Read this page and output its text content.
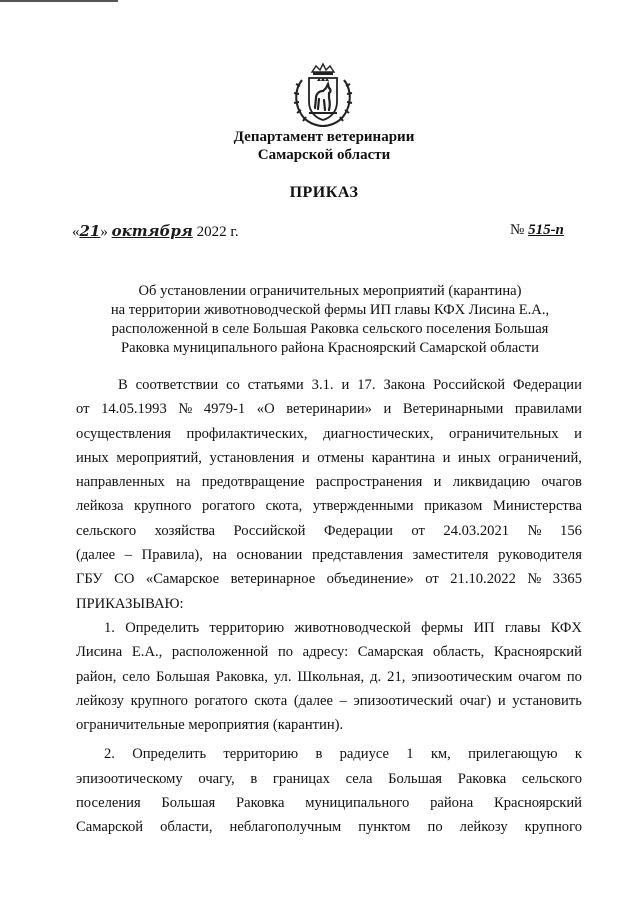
Департамент ветеринарии
Самарской области
ПРИКАЗ
«21» октября 2022 г.	№ 515-п
Об установлении ограничительных мероприятий (карантина)
на территории животноводческой фермы ИП главы КФХ Лисина Е.А.,
расположенной в селе Большая Раковка сельского поселения Большая
Раковка муниципального района Красноярский Самарской области
В соответствии со статьями 3.1. и 17. Закона Российской Федерации
от 14.05.1993 № 4979-1 «О ветеринарии» и Ветеринарными правилами
осуществления профилактических, диагностических, ограничительных и
иных мероприятий, установления и отмены карантина и иных ограничений,
направленных на предотвращение распространения и ликвидацию очагов
лейкоза крупного рогатого скота, утвержденными приказом Министерства
сельского хозяйства Российской Федерации от 24.03.2021 № 156
(далее – Правила), на основании представления заместителя руководителя
ГБУ СО «Самарское ветеринарное объединение» от 21.10.2022 № 3365
ПРИКАЗЫВАЮ:
1. Определить территорию животноводческой фермы ИП главы КФХ
Лисина Е.А., расположенной по адресу: Самарская область, Красноярский
район, село Большая Раковка, ул. Школьная, д. 21, эпизоотическим очагом по
лейкозу крупного рогатого скота (далее – эпизоотический очаг) и установить
ограничительные мероприятия (карантин).
2. Определить территорию в радиусе 1 км, прилегающую к
эпизоотическому очагу, в границах села Большая Раковка сельского
поселения Большая Раковка муниципального района Красноярский
Самарской области, неблагополучным пунктом по лейкозу крупного
